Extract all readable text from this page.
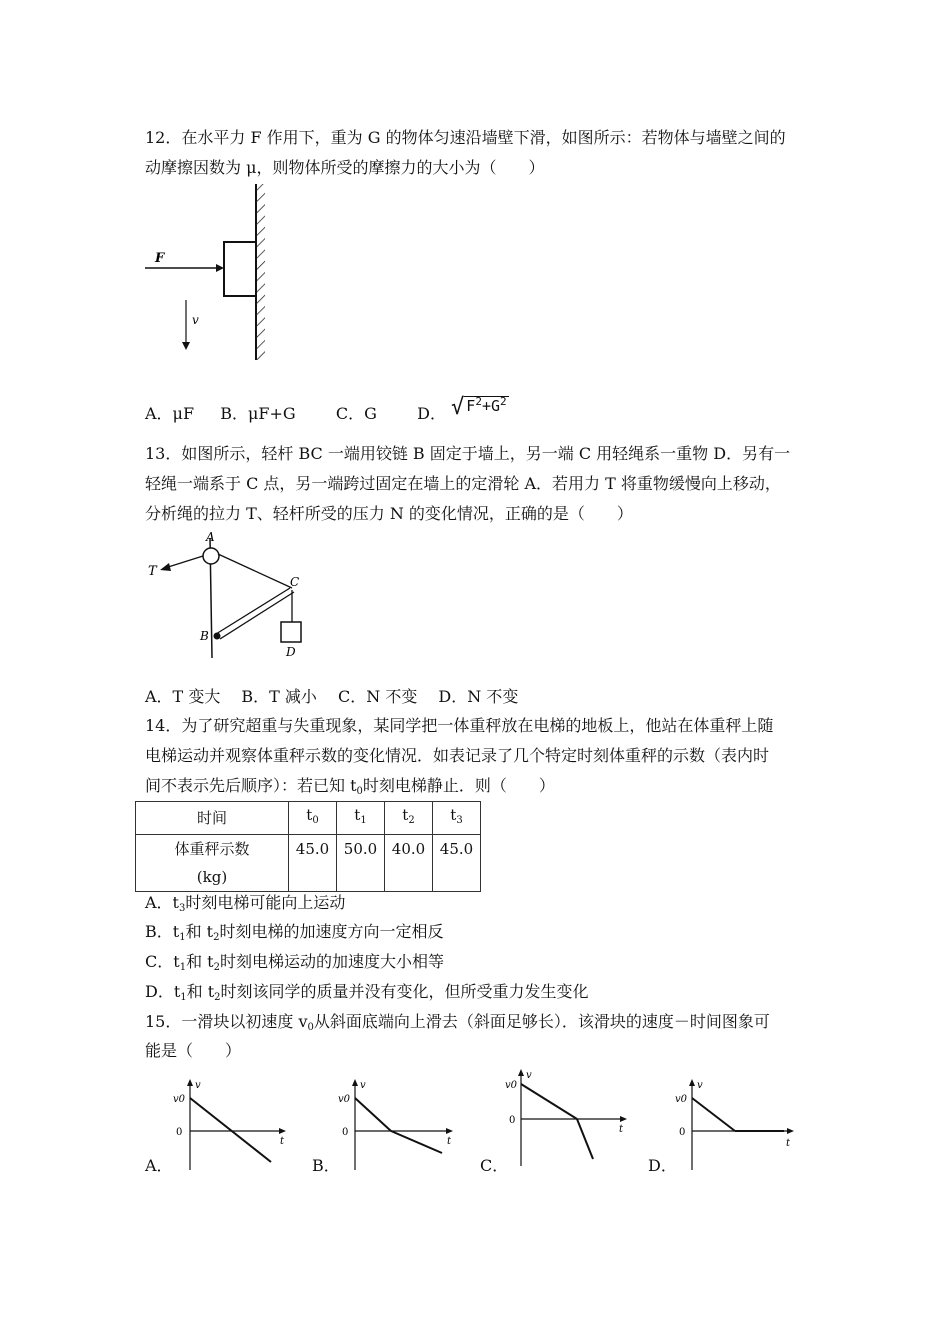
12．在水平力 F 作用下，重为 G 的物体匀速沿墙壁下滑，如图所示：若物体与墙壁之间的
动摩擦因数为 μ，则物体所受的摩擦力的大小为（　　）
F
v
A．μF B．μF+G	C．G	D． √ $F^2+G^2$
13．如图所示，轻杆 BC 一端用铰链 B 固定于墙上，另一端 C 用轻绳系一重物 D．另有一
轻绳一端系于 C 点，另一端跨过固定在墙上的定滑轮 A．若用力 T 将重物缓慢向上移动，
分析绳的拉力 T、轻杆所受的压力 N 的变化情况，正确的是（　　）
T
A
B
C
D
A．T 变大　 B．T 减小　 C．N 不变　 D．N 不变
14．为了研究超重与失重现象，某同学把一体重秤放在电梯的地板上，他站在体重秤上随
电梯运动并观察体重秤示数的变化情况．如表记录了几个特定时刻体重秤的示数（表内时
间不表示先后顺序）：若已知 $t_0$时刻电梯静止．则（　　）
时间	$t_0$	$t_1$	$t_2$	$t_3$

体重秤示数
(kg)	45.0	50.0	40.0	45.0
A．$t_3$时刻电梯可能向上运动
B．$t_1$和 $t_2$时刻电梯的加速度方向一定相反
C．$t_1$和 $t_2$时刻电梯运动的加速度大小相等
D．$t_1$和 $t_2$时刻该同学的质量并没有变化，但所受重力发生变化
15．一滑块以初速度 $v_0$从斜面底端向上滑去（斜面足够长）．该滑块的速度－时间图象可
能是（　　）
A．
v
v0
0
t
B．
v
v0
0
t
C．
v
v0
0
t
D．
v
v0
0
t
